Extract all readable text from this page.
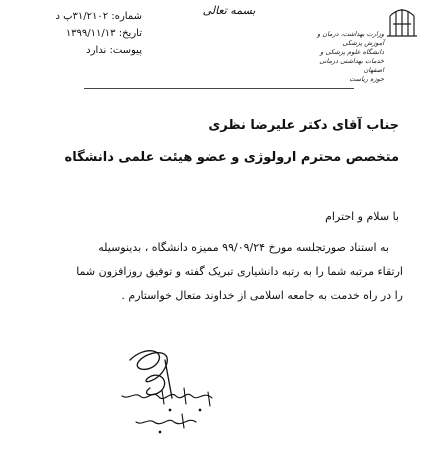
شماره: ۳۱/۲۱۰۲پ د
تاریخ: ۱۳۹۹/۱۱/۱۳
پیوست: ندارد
بسمه تعالی
وزارت بهداشت، درمان و آموزش پزشکی
دانشگاه علوم پزشکی و خدمات بهداشتی درمانی اصفهان
حوزه ریاست
جناب آقای دکتر علیرضا نظری
متخصص محترم ارولوژی و عضو هیئت علمی دانشگاه
با سلام و احترام
به استناد صورتجلسه مورخ ۹۹/۰۹/۲۴ ممیزه دانشگاه ، بدینوسیله
ارتقاء مرتبه شما را به رتبه دانشیاری تبریک گفته و توفیق روزافزون شما
را در راه خدمت به جامعه اسلامی از خداوند متعال خواستارم .
